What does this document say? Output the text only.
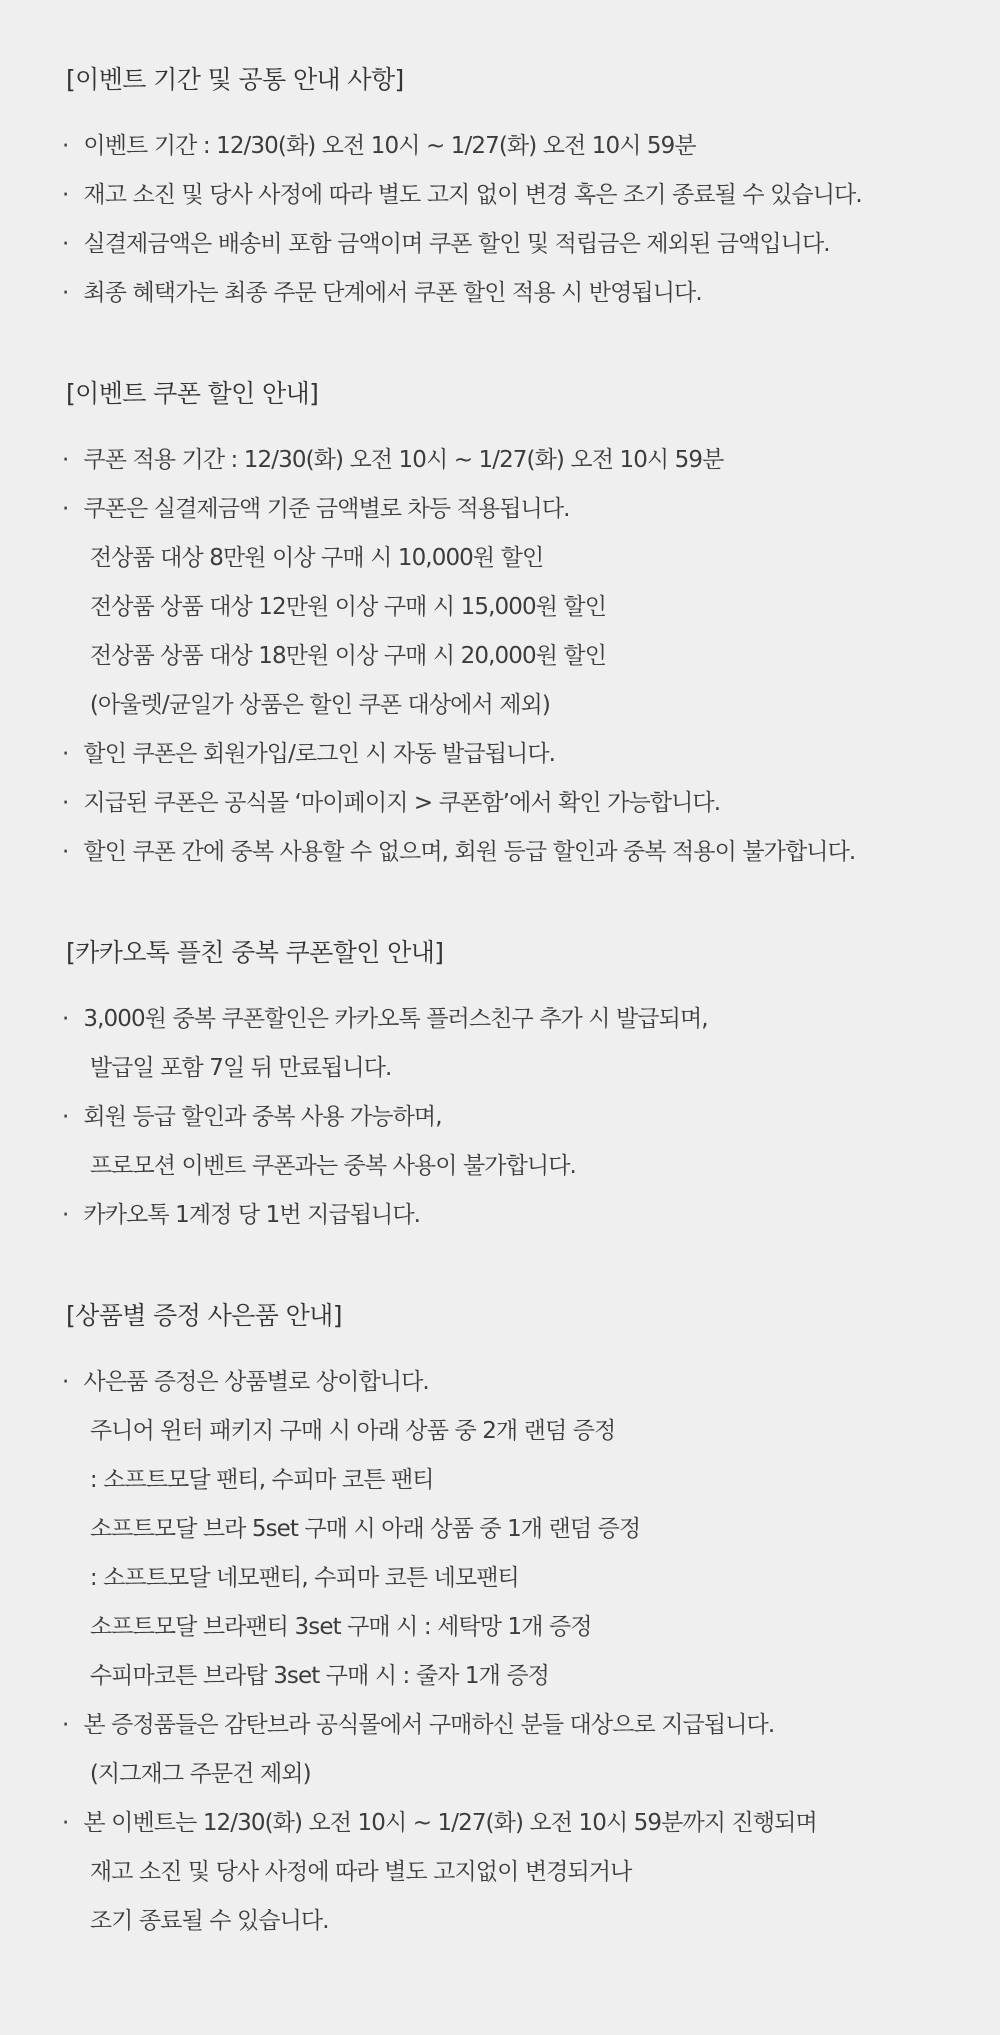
[이벤트 기간 및 공통 안내 사항]
· 이벤트 기간 : 12/30(화) 오전 10시 ~ 1/27(화) 오전 10시 59분
· 재고 소진 및 당사 사정에 따라 별도 고지 없이 변경 혹은 조기 종료될 수 있습니다.
· 실결제금액은 배송비 포함 금액이며 쿠폰 할인 및 적립금은 제외된 금액입니다.
· 최종 혜택가는 최종 주문 단계에서 쿠폰 할인 적용 시 반영됩니다.
[이벤트 쿠폰 할인 안내]
· 쿠폰 적용 기간 : 12/30(화) 오전 10시 ~ 1/27(화) 오전 10시 59분
· 쿠폰은 실결제금액 기준 금액별로 차등 적용됩니다.
전상품 대상 8만원 이상 구매 시 10,000원 할인
전상품 상품 대상 12만원 이상 구매 시 15,000원 할인
전상품 상품 대상 18만원 이상 구매 시 20,000원 할인
(아울렛/균일가 상품은 할인 쿠폰 대상에서 제외)
· 할인 쿠폰은 회원가입/로그인 시 자동 발급됩니다.
· 지급된 쿠폰은 공식몰 ‘마이페이지 > 쿠폰함’에서 확인 가능합니다.
· 할인 쿠폰 간에 중복 사용할 수 없으며, 회원 등급 할인과 중복 적용이 불가합니다.
[카카오톡 플친 중복 쿠폰할인 안내]
· 3,000원 중복 쿠폰할인은 카카오톡 플러스친구 추가 시 발급되며,
발급일 포함 7일 뒤 만료됩니다.
· 회원 등급 할인과 중복 사용 가능하며,
프로모션 이벤트 쿠폰과는 중복 사용이 불가합니다.
· 카카오톡 1계정 당 1번 지급됩니다.
[상품별 증정 사은품 안내]
· 사은품 증정은 상품별로 상이합니다.
주니어 윈터 패키지 구매 시 아래 상품 중 2개 랜덤 증정
: 소프트모달 팬티, 수피마 코튼 팬티
소프트모달 브라 5set 구매 시 아래 상품 중 1개 랜덤 증정
: 소프트모달 네모팬티, 수피마 코튼 네모팬티
소프트모달 브라팬티 3set 구매 시 : 세탁망 1개 증정
수피마코튼 브라탑 3set 구매 시 : 줄자 1개 증정
· 본 증정품들은 감탄브라 공식몰에서 구매하신 분들 대상으로 지급됩니다.
(지그재그 주문건 제외)
· 본 이벤트는 12/30(화) 오전 10시 ~ 1/27(화) 오전 10시 59분까지 진행되며
재고 소진 및 당사 사정에 따라 별도 고지없이 변경되거나
조기 종료될 수 있습니다.
